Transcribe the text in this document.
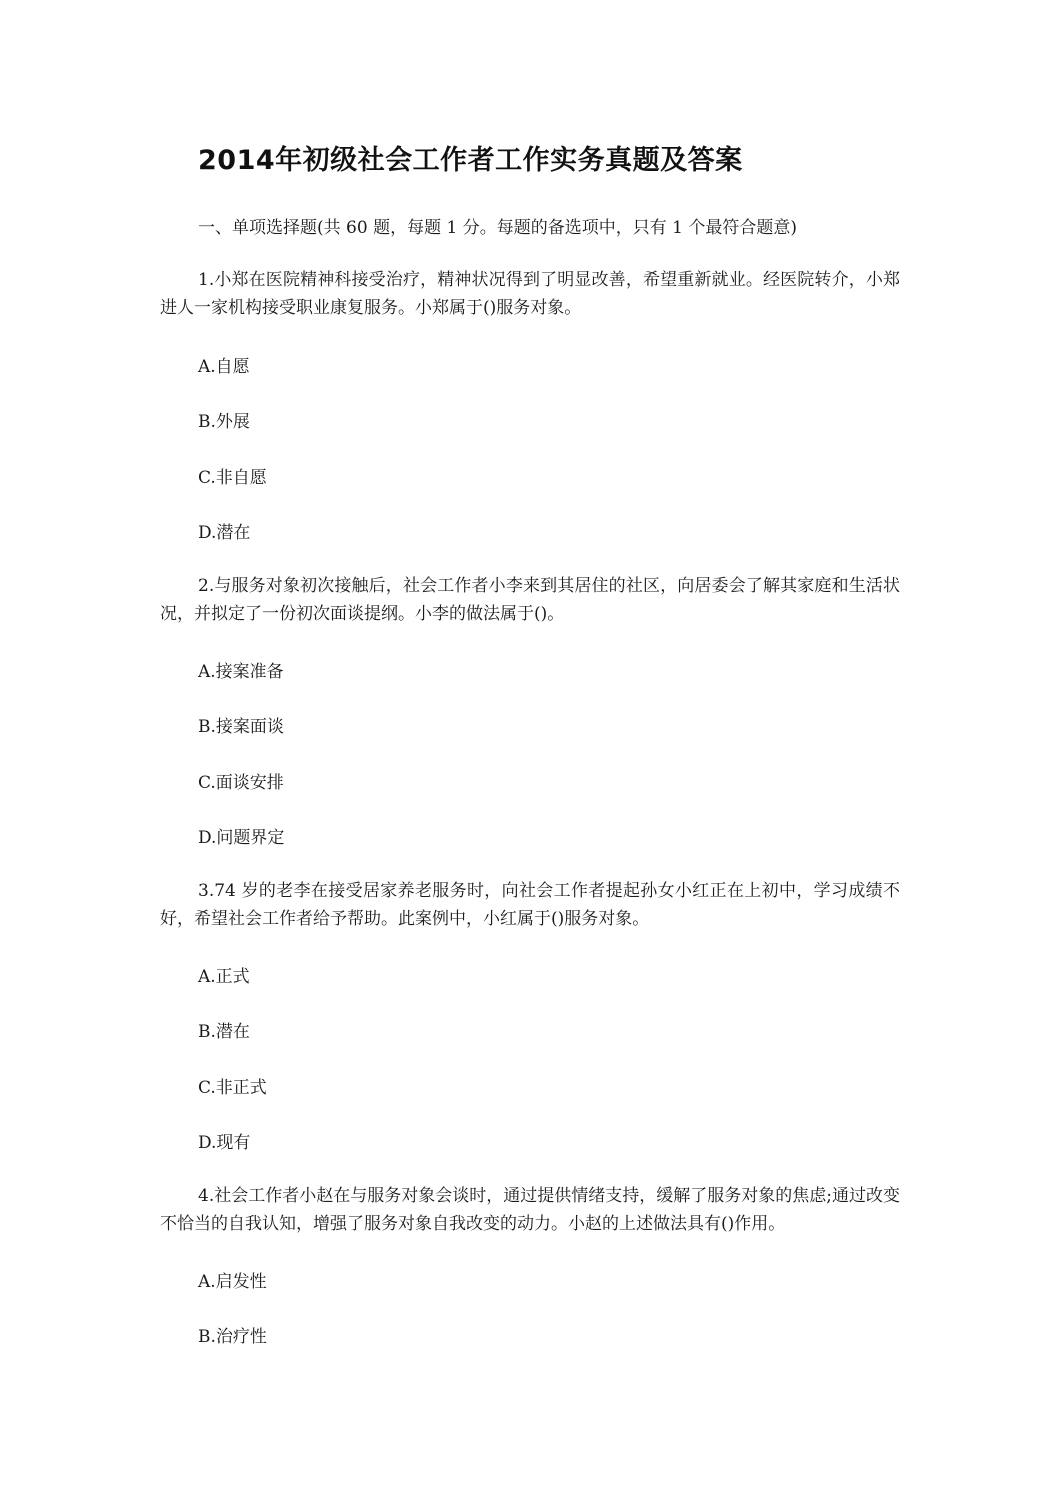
2014年初级社会工作者工作实务真题及答案
一、单项选择题(共 60 题，每题 1 分。每题的备选项中，只有 1 个最符合题意)
1.小郑在医院精神科接受治疗，精神状况得到了明显改善，希望重新就业。经医院转介，小郑进人一家机构接受职业康复服务。小郑属于()服务对象。
A.自愿
B.外展
C.非自愿
D.潜在
2.与服务对象初次接触后，社会工作者小李来到其居住的社区，向居委会了解其家庭和生活状况，并拟定了一份初次面谈提纲。小李的做法属于()。
A.接案准备
B.接案面谈
C.面谈安排
D.问题界定
3.74 岁的老李在接受居家养老服务时，向社会工作者提起孙女小红正在上初中，学习成绩不好，希望社会工作者给予帮助。此案例中，小红属于()服务对象。
A.正式
B.潜在
C.非正式
D.现有
4.社会工作者小赵在与服务对象会谈时，通过提供情绪支持，缓解了服务对象的焦虑;通过改变不恰当的自我认知，增强了服务对象自我改变的动力。小赵的上述做法具有()作用。
A.启发性
B.治疗性
